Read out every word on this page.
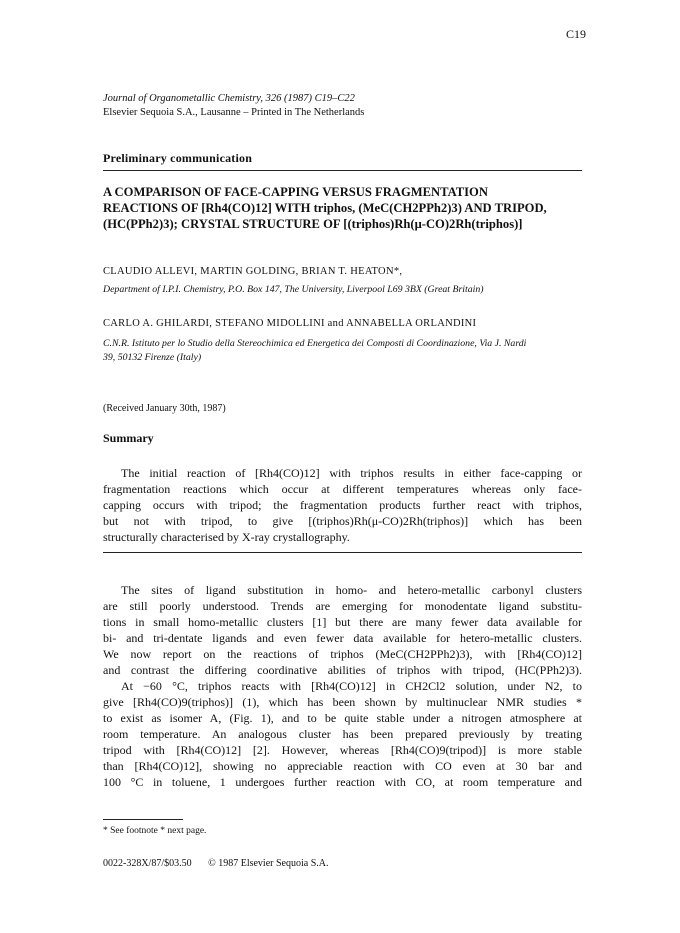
C19
Journal of Organometallic Chemistry, 326 (1987) C19–C22
Elsevier Sequoia S.A., Lausanne – Printed in The Netherlands
Preliminary communication
A COMPARISON OF FACE-CAPPING VERSUS FRAGMENTATION
REACTIONS OF [Rh4(CO)12] WITH triphos, (MeC(CH2PPh2)3) AND TRIPOD,
(HC(PPh2)3); CRYSTAL STRUCTURE OF [(triphos)Rh(μ-CO)2Rh(triphos)]
CLAUDIO ALLEVI, MARTIN GOLDING, BRIAN T. HEATON*,
Department of I.P.I. Chemistry, P.O. Box 147, The University, Liverpool L69 3BX (Great Britain)
CARLO A. GHILARDI, STEFANO MIDOLLINI and ANNABELLA ORLANDINI
C.N.R. Istituto per lo Studio della Stereochimica ed Energetica dei Composti di Coordinazione, Via J. Nardi
39, 50132 Firenze (Italy)
(Received January 30th, 1987)
Summary
The initial reaction of [Rh4(CO)12] with triphos results in either face-capping or
fragmentation reactions which occur at different temperatures whereas only face-
capping occurs with tripod; the fragmentation products further react with triphos,
but not with tripod, to give [(triphos)Rh(μ-CO)2Rh(triphos)] which has been
structurally characterised by X-ray crystallography.
The sites of ligand substitution in homo- and hetero-metallic carbonyl clusters
are still poorly understood. Trends are emerging for monodentate ligand substitu-
tions in small homo-metallic clusters [1] but there are many fewer data available for
bi- and tri-dentate ligands and even fewer data available for hetero-metallic clusters.
We now report on the reactions of triphos (MeC(CH2PPh2)3), with [Rh4(CO)12]
and contrast the differing coordinative abilities of triphos with tripod, (HC(PPh2)3).
At −60 °C, triphos reacts with [Rh4(CO)12] in CH2Cl2 solution, under N2, to
give [Rh4(CO)9(triphos)] (1), which has been shown by multinuclear NMR studies *
to exist as isomer A, (Fig. 1), and to be quite stable under a nitrogen atmosphere at
room temperature. An analogous cluster has been prepared previously by treating
tripod with [Rh4(CO)12] [2]. However, whereas [Rh4(CO)9(tripod)] is more stable
than [Rh4(CO)12], showing no appreciable reaction with CO even at 30 bar and
100 °C in toluene, 1 undergoes further reaction with CO, at room temperature and
* See footnote * next page.
0022-328X/87/$03.50 © 1987 Elsevier Sequoia S.A.
